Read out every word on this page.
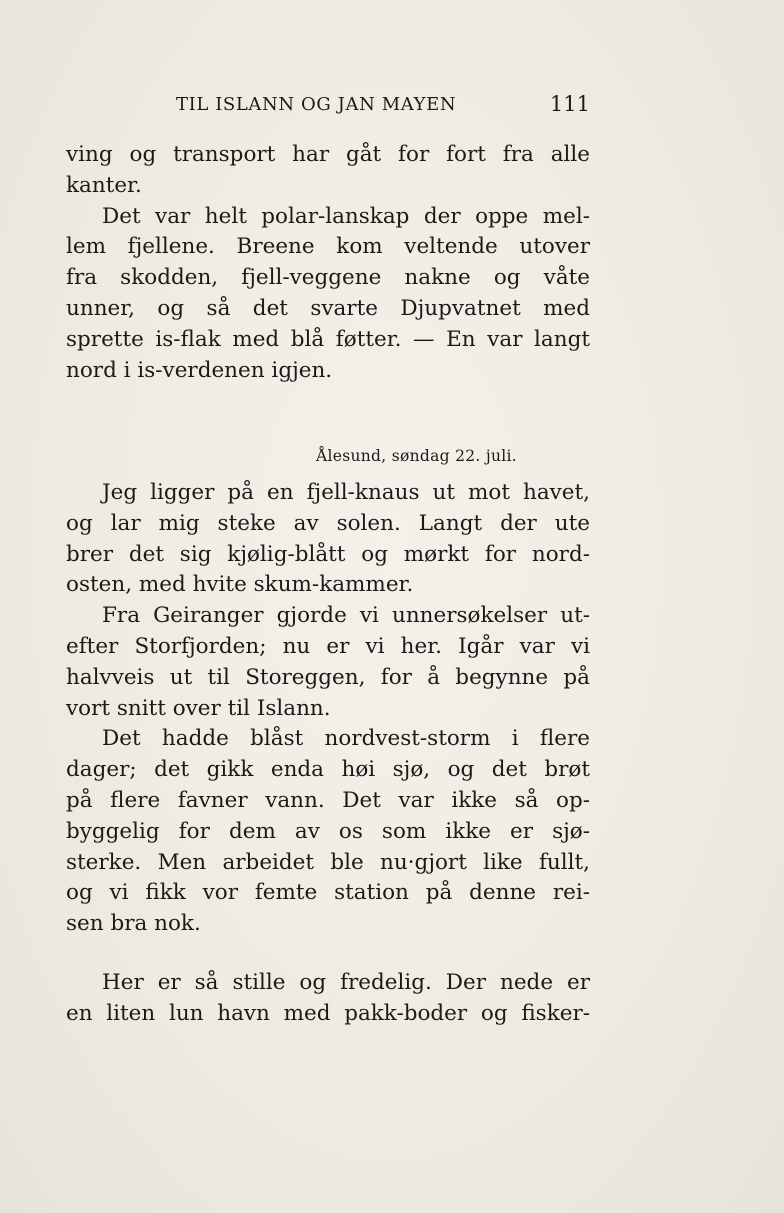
TIL ISLANN OG JAN MAYEN	111
ving og transport har gåt for fort fra alle
kanter.
Det var helt polar-lanskap der oppe mel-
lem fjellene. Breene kom veltende utover
fra skodden, fjell-veggene nakne og våte
unner, og så det svarte Djupvatnet med
sprette is-flak med blå føtter. — En var langt
nord i is-verdenen igjen.
Ålesund, søndag 22. juli.
Jeg ligger på en fjell-knaus ut mot havet,
og lar mig steke av solen. Langt der ute
brer det sig kjølig-blått og mørkt for nord-
osten, med hvite skum-kammer.
Fra Geiranger gjorde vi unnersøkelser ut-
efter Storfjorden; nu er vi her. Igår var vi
halvveis ut til Storeggen, for å begynne på
vort snitt over til Islann.
Det hadde blåst nordvest-storm i flere
dager; det gikk enda høi sjø, og det brøt
på flere favner vann. Det var ikke så op-
byggelig for dem av os som ikke er sjø-
sterke. Men arbeidet ble nu·gjort like fullt,
og vi fikk vor femte station på denne rei-
sen bra nok.
Her er så stille og fredelig. Der nede er
en liten lun havn med pakk-boder og fisker-
